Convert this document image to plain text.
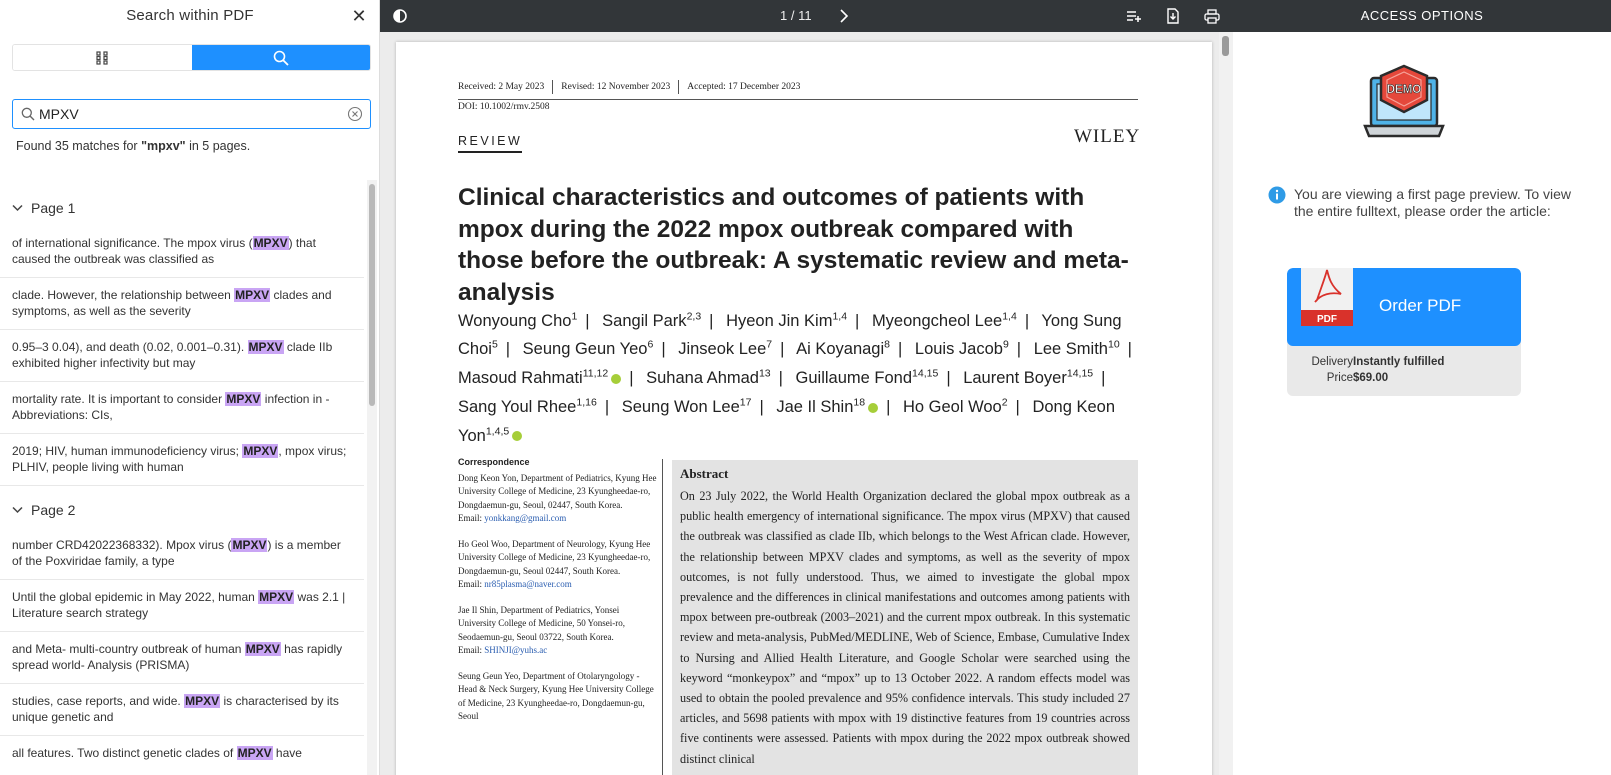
Search within PDF	✕
MPXV
Found 35 matches for "mpxv" in 5 pages.
Page 1
of international significance. The mpox virus (MPXV) that caused the outbreak was classified as
clade. However, the relationship between MPXV clades and symptoms, as well as the severity
0.95–3 0.04), and death (0.02, 0.001–0.31). MPXV clade IIb exhibited higher infectivity but may
mortality rate. It is important to consider MPXV infection in - Abbreviations: CIs,
2019; HIV, human immunodeficiency virus; MPXV, mpox virus; PLHIV, people living with human
Page 2
number CRD42022368332). Mpox virus (MPXV) is a member of the Poxviridae family, a type
Until the global epidemic in May 2022, human MPXV was 2.1 | Literature search strategy
and Meta- multi-country outbreak of human MPXV has rapidly spread world- Analysis (PRISMA)
studies, case reports, and wide. MPXV is characterised by its unique genetic and
all features. Two distinct genetic clades of MPXV have
1 / 11
Received: 2 May 2023 Revised: 12 November 2023 Accepted: 17 December 2023
DOI: 10.1002/rmv.2508
REVIEW	WILEY
Clinical characteristics and outcomes of patients with mpox during the 2022 mpox outbreak compared with those before the outbreak: A systematic review and meta-analysis
Wonyoung Cho$^1$ | Sangil Park$^{2,3}$ | Hyeon Jin Kim$^{1,4}$ | Myeongcheol Lee$^{1,4}$ | Yong Sung Choi$^5$ | Seung Geun Yeo$^6$ | Jinseok Lee$^7$ | Ai Koyanagi$^8$ | Louis Jacob$^9$ | Lee Smith$^{10}$ | Masoud Rahmati$^{11,12}$ | Suhana Ahmad$^{13}$ | Guillaume Fond$^{14,15}$ | Laurent Boyer$^{14,15}$ | Sang Youl Rhee$^{1,16}$ | Seung Won Lee$^{17}$ | Jae Il Shin$^{18}$ | Ho Geol Woo$^2$ | Dong Keon Yon$^{1,4,5}$
Correspondence
Dong Keon Yon, Department of Pediatrics, Kyung Hee University College of Medicine, 23 Kyungheedae-ro, Dongdaemun-gu, Seoul, 02447, South Korea.
Email: yonkkang@gmail.com
Ho Geol Woo, Department of Neurology, Kyung Hee University College of Medicine, 23 Kyungheedae-ro, Dongdaemun-gu, Seoul 02447, South Korea.
Email: nr85plasma@naver.com
Jae Il Shin, Department of Pediatrics, Yonsei University College of Medicine, 50 Yonsei-ro, Seodaemun-gu, Seoul 03722, South Korea.
Email: SHINJI@yuhs.ac
Seung Geun Yeo, Department of Otolaryngology - Head & Neck Surgery, Kyung Hee University College of Medicine, 23 Kyungheedae-ro, Dongdaemun-gu, Seoul
Abstract
On 23 July 2022, the World Health Organization declared the global mpox outbreak as a public health emergency of international significance. The mpox virus (MPXV) that caused the outbreak was classified as clade IIb, which belongs to the West African clade. However, the relationship between MPXV clades and symptoms, as well as the severity of mpox outcomes, is not fully understood. Thus, we aimed to investigate the global mpox prevalence and the differences in clinical manifestations and outcomes among patients with mpox between pre-outbreak (2003–2021) and the current mpox outbreak. In this systematic review and meta-analysis, PubMed/MEDLINE, Web of Science, Embase, Cumulative Index to Nursing and Allied Health Literature, and Google Scholar were searched using the keyword “monkeypox” and “mpox” up to 13 October 2022. A random effects model was used to obtain the pooled prevalence and 95% confidence intervals. This study included 27 articles, and 5698 patients with mpox with 19 distinctive features from 19 countries across five continents were assessed. Patients with mpox during the 2022 mpox outbreak showed distinct clinical
ACCESS OPTIONS
DEMO
You are viewing a first page preview. To view the entire fulltext, please order the article:
Order PDF
PDF
Delivery Instantly fulfilled
Price $69.00
